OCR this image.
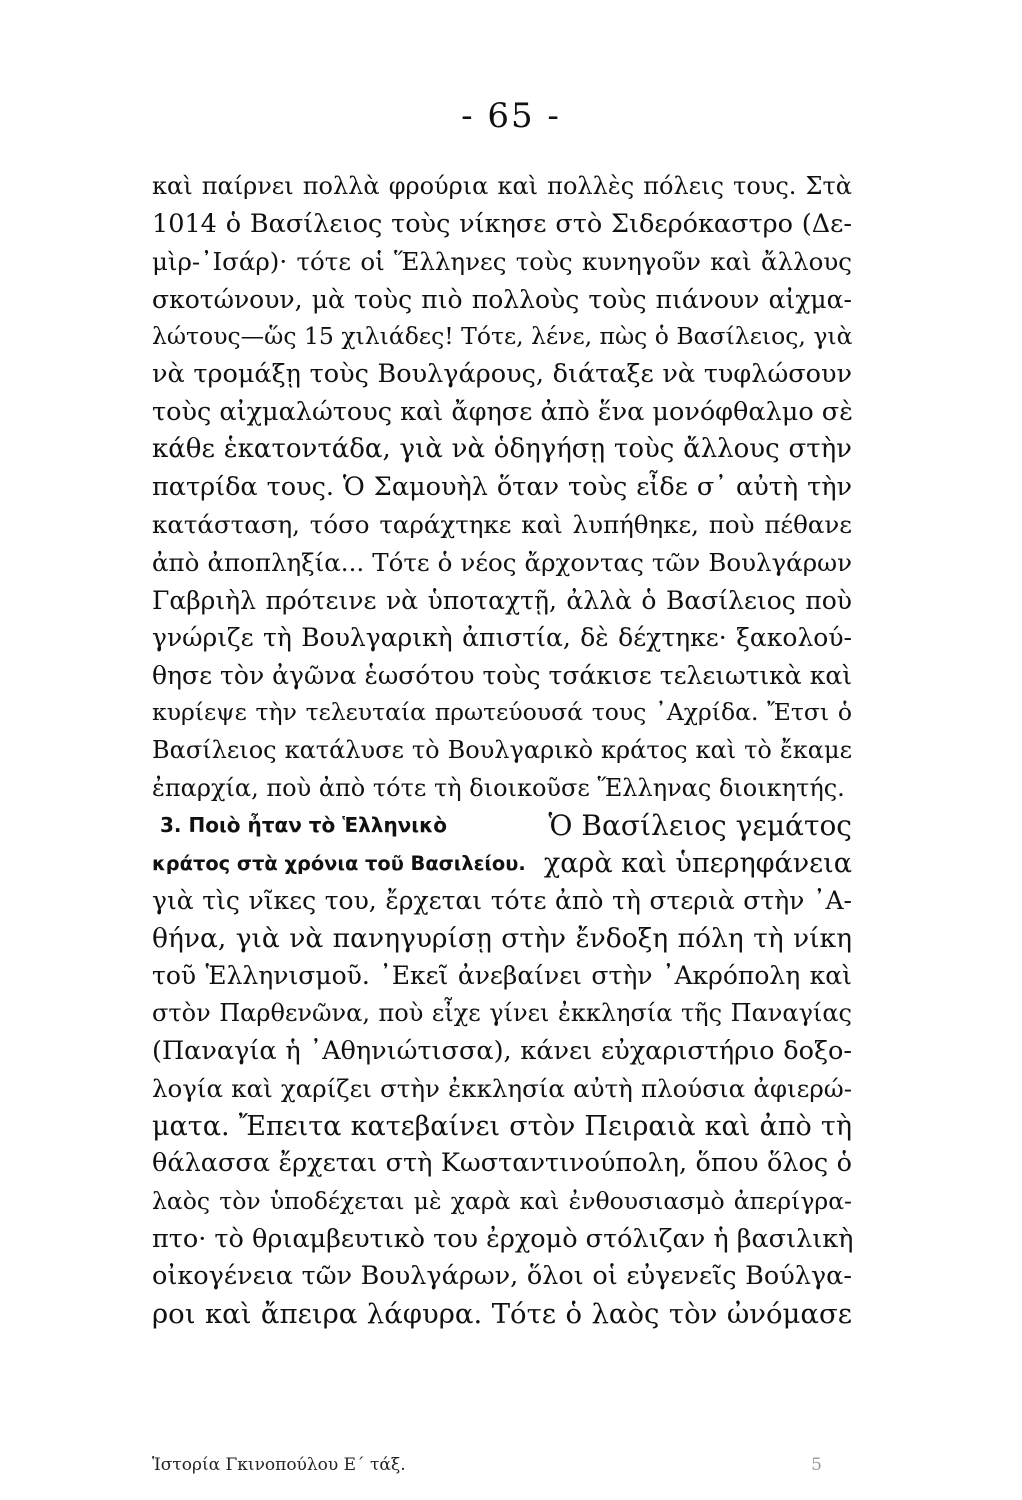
- 65 -
καὶ παίρνει πολλὰ φρούρια καὶ πολλὲς πόλεις τους. Στὰ
1014 ὁ Βασίλειος τοὺς νίκησε στὸ Σιδερόκαστρο (Δε-
μὶρ-᾿Ισάρ)· τότε οἱ Ἕλληνες τοὺς κυνηγοῦν καὶ ἄλλους
σκοτώνουν, μὰ τοὺς πιὸ πολλοὺς τοὺς πιάνουν αἰχμα-
λώτους—ὥς 15 χιλιάδες! Τότε, λένε, πὼς ὁ Βασίλειος, γιὰ
νὰ τρομάξῃ τοὺς Βουλγάρους, διάταξε νὰ τυφλώσουν
τοὺς αἰχμαλώτους καὶ ἄφησε ἀπὸ ἕνα μονόφθαλμο σὲ
κάθε ἑκατοντάδα, γιὰ νὰ ὁδηγήσῃ τοὺς ἄλλους στὴν
πατρίδα τους. Ὁ Σαμουὴλ ὅταν τοὺς εἶδε σ᾿ αὐτὴ τὴν
κατάσταση, τόσο ταράχτηκε καὶ λυπήθηκε, ποὺ πέθανε
ἀπὸ ἀποπληξία... Τότε ὁ νέος ἄρχοντας τῶν Βουλγάρων
Γαβριὴλ πρότεινε νὰ ὑποταχτῇ, ἀλλὰ ὁ Βασίλειος ποὺ
γνώριζε τὴ Βουλγαρικὴ ἀπιστία, δὲ δέχτηκε· ξακολού-
θησε τὸν ἀγῶνα ἑωσότου τοὺς τσάκισε τελειωτικὰ καὶ
κυρίεψε τὴν τελευταία πρωτεύουσά τους ᾿Αχρίδα. Ἔτσι ὁ
Βασίλειος κατάλυσε τὸ Βουλγαρικὸ κράτος καὶ τὸ ἔκαμε
ἐπαρχία, ποὺ ἀπὸ τότε τὴ διοικοῦσε Ἕλληνας διοικητής.
3. Ποιὸ ἦταν τὸ Ἑλληνικὸ	Ὁ Βασίλειος γεμάτος
κράτος στὰ χρόνια τοῦ Βασιλείου. χαρὰ καὶ ὑπερηφάνεια
γιὰ τὶς νῖκες του, ἔρχεται τότε ἀπὸ τὴ στεριὰ στὴν ᾿Α-
θήνα, γιὰ νὰ πανηγυρίσῃ στὴν ἔνδοξη πόλη τὴ νίκη
τοῦ Ἑλληνισμοῦ. ᾿Εκεῖ ἀνεβαίνει στὴν ᾿Ακρόπολη καὶ
στὸν Παρθενῶνα, ποὺ εἶχε γίνει ἐκκλησία τῆς Παναγίας
(Παναγία ἡ ᾿Αθηνιώτισσα), κάνει εὐχαριστήριο δοξο-
λογία καὶ χαρίζει στὴν ἐκκλησία αὐτὴ πλούσια ἀφιερώ-
ματα. Ἔπειτα κατεβαίνει στὸν Πειραιὰ καὶ ἀπὸ τὴ
θάλασσα ἔρχεται στὴ Κωσταντινούπολη, ὅπου ὅλος ὁ
λαὸς τὸν ὑποδέχεται μὲ χαρὰ καὶ ἐνθουσιασμὸ ἀπερίγρα-
πτο· τὸ θριαμβευτικὸ του ἐρχομὸ στόλιζαν ἡ βασιλικὴ
οἰκογένεια τῶν Βουλγάρων, ὅλοι οἱ εὐγενεῖς Βούλγα-
ροι καὶ ἄπειρα λάφυρα. Τότε ὁ λαὸς τὸν ὠνόμασε
Ἱστορία Γκινοπούλου Ε΄ τάξ.	5
